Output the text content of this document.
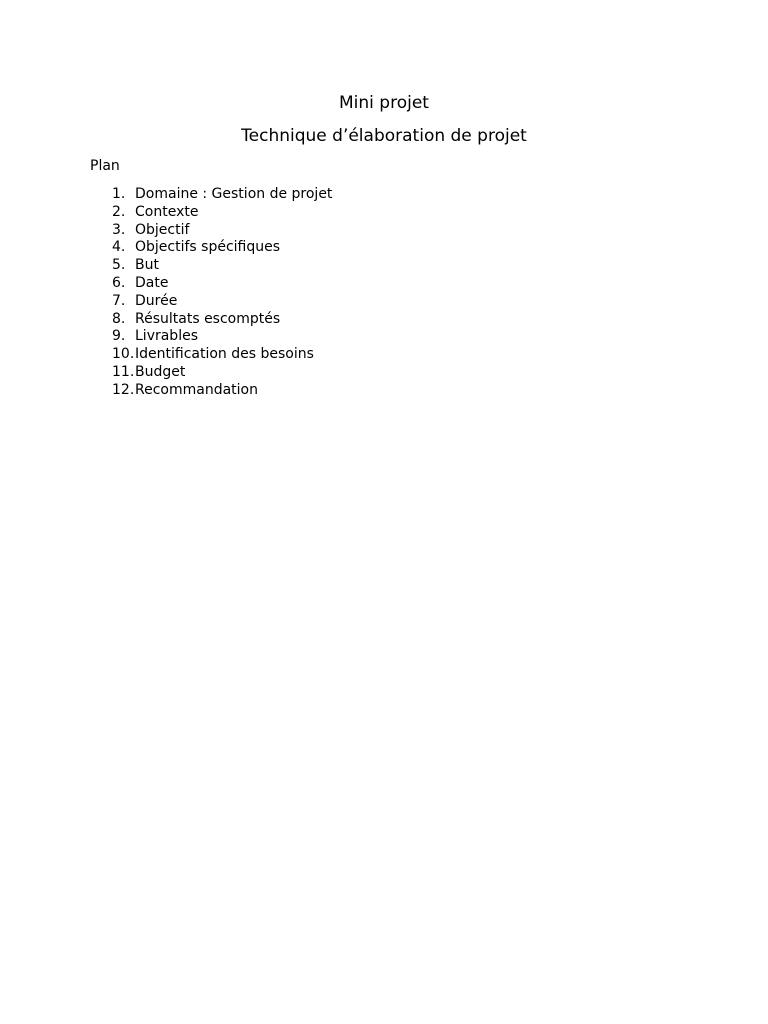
Mini projet
Technique d’élaboration de projet
Plan
1. Domaine : Gestion de projet
2. Contexte
3. Objectif
4. Objectifs spécifiques
5. But
6. Date
7. Durée
8. Résultats escomptés
9. Livrables
10.Identification des besoins
11.Budget
12.Recommandation
